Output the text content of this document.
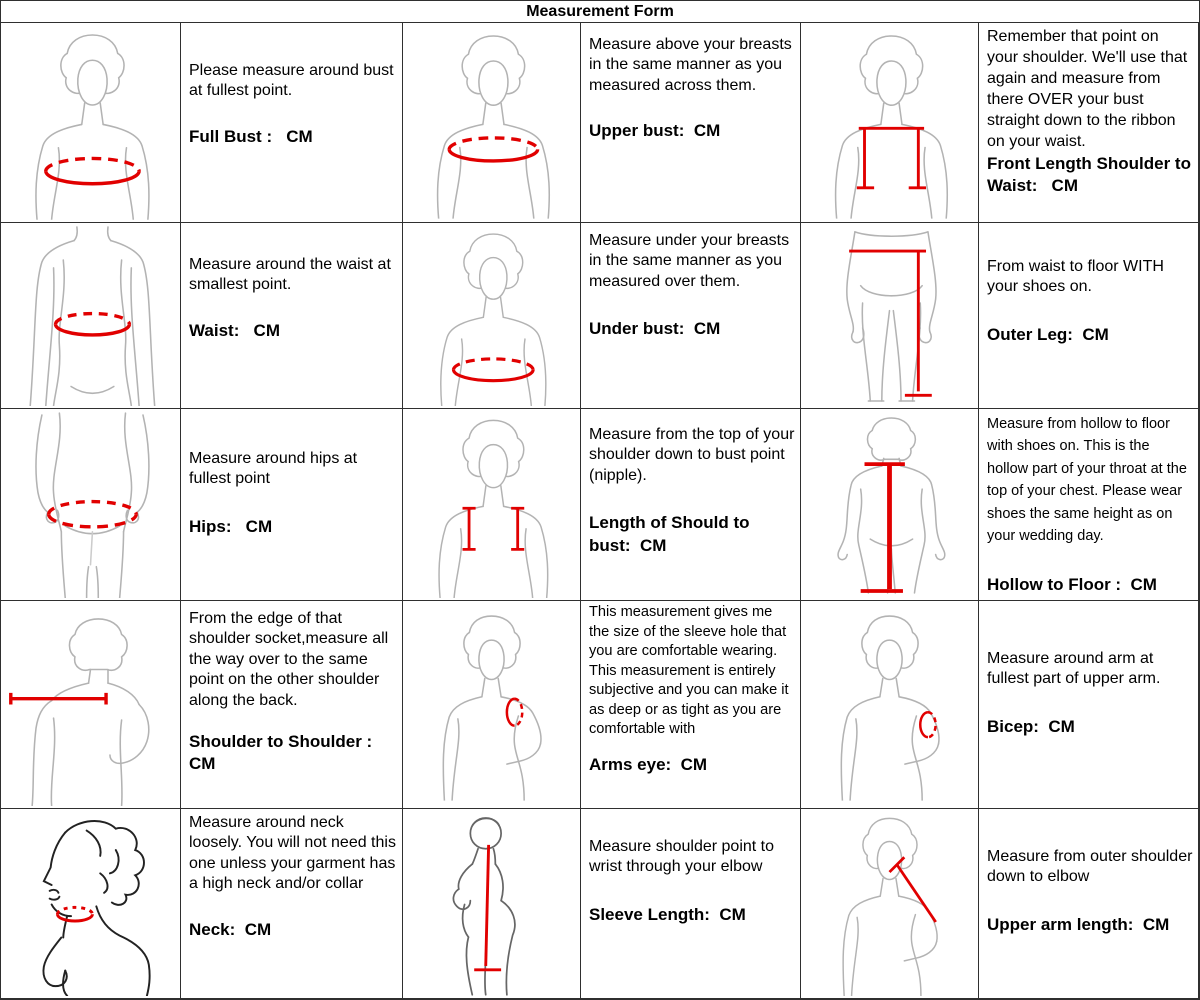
Measurement Form
Please measure around bust at fullest point.
Full Bust :   CM
Measure above your breasts in the same manner as you measured across them.
Upper bust:  CM
Remember that point on your shoulder. We'll use that again and measure from there OVER your bust straight down to the ribbon on your waist.
Front Length Shoulder to Waist:   CM
Measure around the waist at smallest point.
Waist:   CM
Measure under your breasts in the same manner as you measured over them.
Under bust:  CM
From waist to floor WITH your shoes on.
Outer Leg:  CM
Measure around hips at fullest point
Hips:   CM
Measure from the top of your shoulder down to bust point (nipple).
Length of Should to bust:  CM
Measure from hollow to floor with shoes on. This is the hollow part of your throat at the top of your chest. Please wear shoes the same height as on your wedding day.
Hollow to Floor :  CM
From the edge of that shoulder socket,measure all the way over to the same point on the other shoulder along the back.
Shoulder to Shoulder : CM
This measurement gives me the size of the sleeve hole that you are comfortable wearing. This measurement is entirely subjective and you can make it as deep or as tight as you are comfortable with
Arms eye:  CM
Measure around arm at fullest part of upper arm.
Bicep:  CM
Measure around neck loosely. You will not need this one unless your garment has a high neck and/or collar
Neck:  CM
Measure shoulder point to wrist through your elbow
Sleeve Length:  CM
Measure from outer shoulder down to elbow
Upper arm length:  CM
